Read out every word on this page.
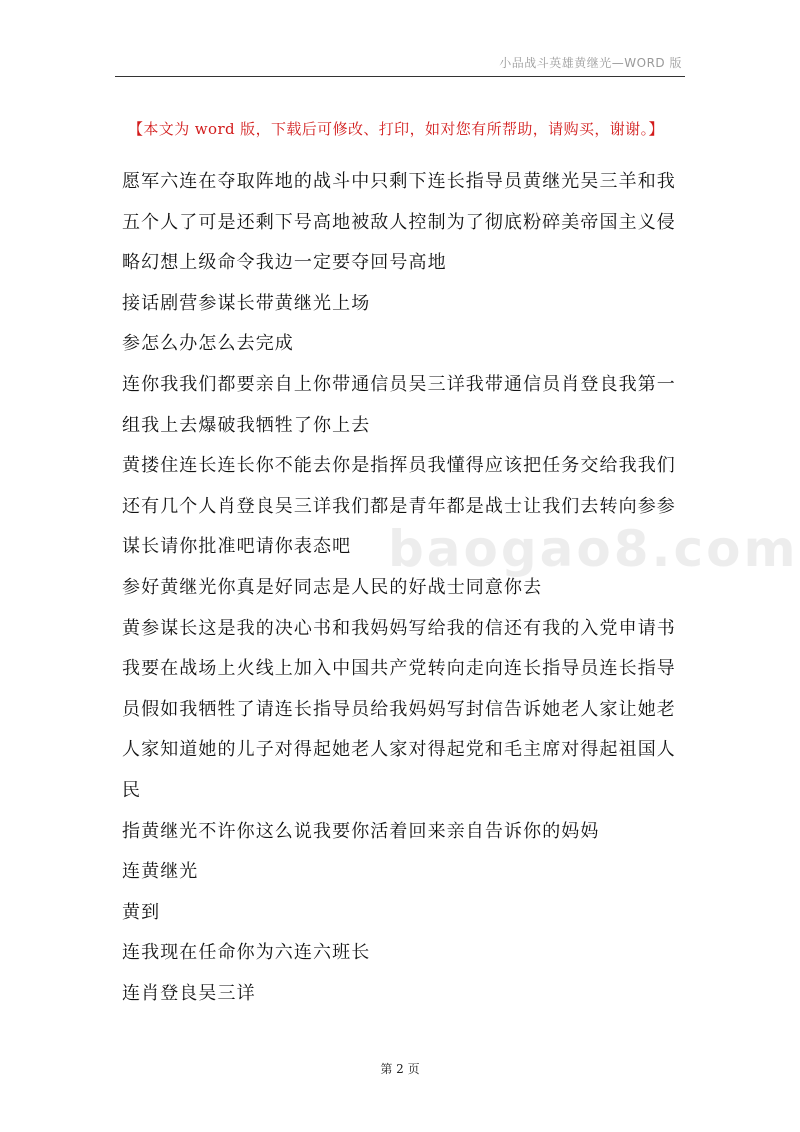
小品战斗英雄黄继光—WORD 版
【本文为 word 版，下载后可修改、打印，如对您有所帮助，请购买，谢谢。】
baogao8.com

愿军六连在夺取阵地的战斗中只剩下连长指导员黄继光吴三羊和我五个人了可是还剩下号高地被敌人控制为了彻底粉碎美帝国主义侵略幻想上级命令我边一定要夺回号高地

接话剧营参谋长带黄继光上场

参怎么办怎么去完成

连你我我们都要亲自上你带通信员吴三详我带通信员肖登良我第一组我上去爆破我牺牲了你上去

黄搂住连长连长你不能去你是指挥员我懂得应该把任务交给我我们还有几个人肖登良吴三详我们都是青年都是战士让我们去转向参参谋长请你批准吧请你表态吧

参好黄继光你真是好同志是人民的好战士同意你去

黄参谋长这是我的决心书和我妈妈写给我的信还有我的入党申请书我要在战场上火线上加入中国共产党转向走向连长指导员连长指导员假如我牺牲了请连长指导员给我妈妈写封信告诉她老人家让她老人家知道她的儿子对得起她老人家对得起党和毛主席对得起祖国人民

指黄继光不许你这么说我要你活着回来亲自告诉你的妈妈

连黄继光

黄到

连我现在任命你为六连六班长

连肖登良吴三详

第 2 页
